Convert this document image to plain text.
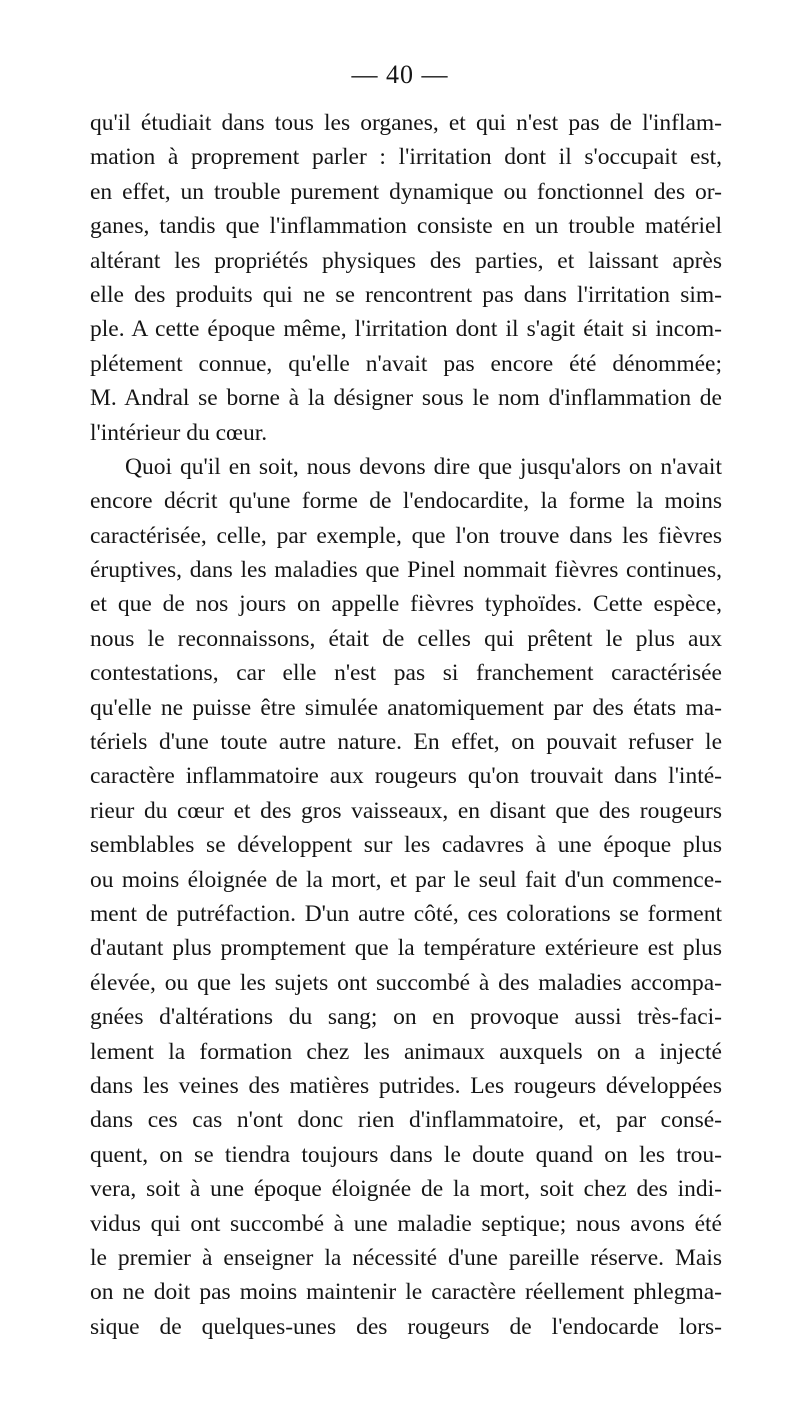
— 40 —
qu'il étudiait dans tous les organes, et qui n'est pas de l'inflam-
mation à proprement parler : l'irritation dont il s'occupait est,
en effet, un trouble purement dynamique ou fonctionnel des or-
ganes, tandis que l'inflammation consiste en un trouble matériel
altérant les propriétés physiques des parties, et laissant après
elle des produits qui ne se rencontrent pas dans l'irritation sim-
ple. A cette époque même, l'irritation dont il s'agit était si incom-
plétement connue, qu'elle n'avait pas encore été dénommée;
M. Andral se borne à la désigner sous le nom d'inflammation de
l'intérieur du cœur.
Quoi qu'il en soit, nous devons dire que jusqu'alors on n'avait
encore décrit qu'une forme de l'endocardite, la forme la moins
caractérisée, celle, par exemple, que l'on trouve dans les fièvres
éruptives, dans les maladies que Pinel nommait fièvres continues,
et que de nos jours on appelle fièvres typhoïdes. Cette espèce,
nous le reconnaissons, était de celles qui prêtent le plus aux
contestations, car elle n'est pas si franchement caractérisée
qu'elle ne puisse être simulée anatomiquement par des états ma-
tériels d'une toute autre nature. En effet, on pouvait refuser le
caractère inflammatoire aux rougeurs qu'on trouvait dans l'inté-
rieur du cœur et des gros vaisseaux, en disant que des rougeurs
semblables se développent sur les cadavres à une époque plus
ou moins éloignée de la mort, et par le seul fait d'un commence-
ment de putréfaction. D'un autre côté, ces colorations se forment
d'autant plus promptement que la température extérieure est plus
élevée, ou que les sujets ont succombé à des maladies accompa-
gnées d'altérations du sang; on en provoque aussi très-faci-
lement la formation chez les animaux auxquels on a injecté
dans les veines des matières putrides. Les rougeurs développées
dans ces cas n'ont donc rien d'inflammatoire, et, par consé-
quent, on se tiendra toujours dans le doute quand on les trou-
vera, soit à une époque éloignée de la mort, soit chez des indi-
vidus qui ont succombé à une maladie septique; nous avons été
le premier à enseigner la nécessité d'une pareille réserve. Mais
on ne doit pas moins maintenir le caractère réellement phlegma-
sique de quelques-unes des rougeurs de l'endocarde lors-
